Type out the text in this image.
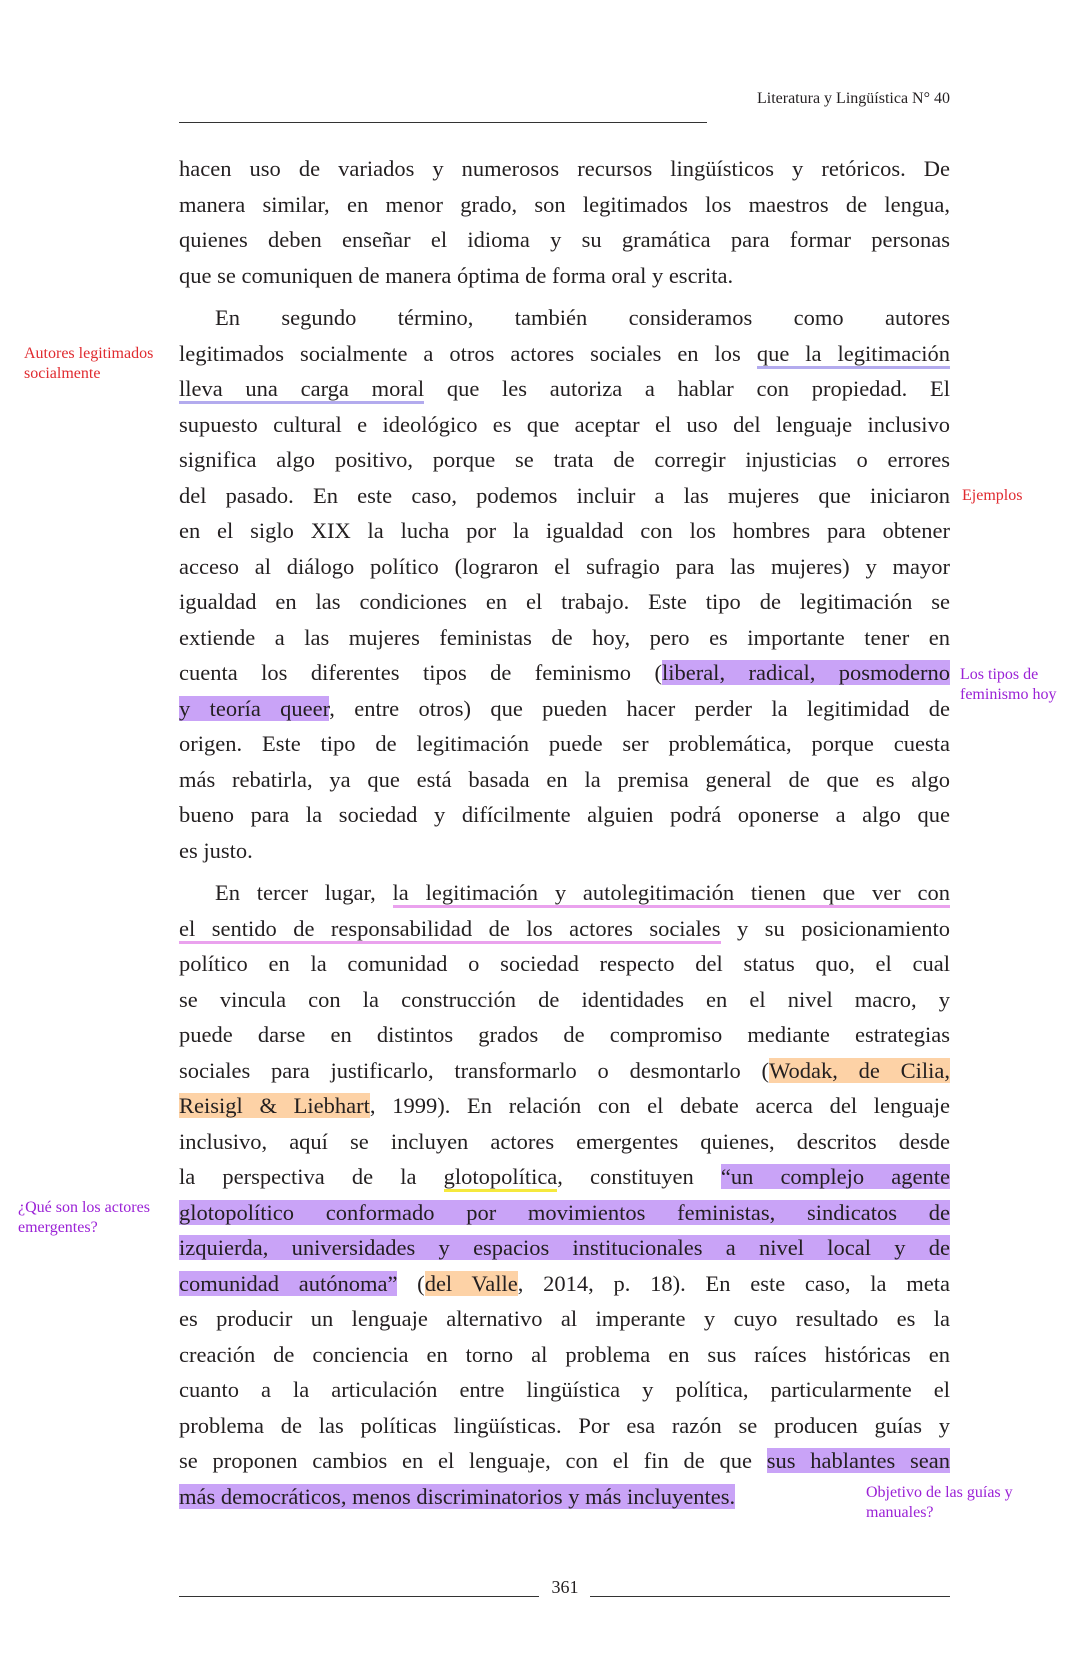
Literatura y Lingüística N° 40
hacen uso de variados y numerosos recursos lingüísticos y retóricos. De
manera similar, en menor grado, son legitimados los maestros de lengua,
quienes deben enseñar el idioma y su gramática para formar personas
que se comuniquen de manera óptima de forma oral y escrita.
En segundo término, también consideramos como autores
legitimados socialmente a otros actores sociales en los que la legitimación
lleva una carga moral que les autoriza a hablar con propiedad. El
supuesto cultural e ideológico es que aceptar el uso del lenguaje inclusivo
significa algo positivo, porque se trata de corregir injusticias o errores
del pasado. En este caso, podemos incluir a las mujeres que iniciaron
en el siglo XIX la lucha por la igualdad con los hombres para obtener
acceso al diálogo político (lograron el sufragio para las mujeres) y mayor
igualdad en las condiciones en el trabajo. Este tipo de legitimación se
extiende a las mujeres feministas de hoy, pero es importante tener en
cuenta los diferentes tipos de feminismo (liberal, radical, posmoderno
y teoría queer, entre otros) que pueden hacer perder la legitimidad de
origen. Este tipo de legitimación puede ser problemática, porque cuesta
más rebatirla, ya que está basada en la premisa general de que es algo
bueno para la sociedad y difícilmente alguien podrá oponerse a algo que
es justo.
En tercer lugar, la legitimación y autolegitimación tienen que ver con
el sentido de responsabilidad de los actores sociales y su posicionamiento
político en la comunidad o sociedad respecto del status quo, el cual
se vincula con la construcción de identidades en el nivel macro, y
puede darse en distintos grados de compromiso mediante estrategias
sociales para justificarlo, transformarlo o desmontarlo (Wodak, de Cilia,
Reisigl & Liebhart, 1999). En relación con el debate acerca del lenguaje
inclusivo, aquí se incluyen actores emergentes quienes, descritos desde
la perspectiva de la glotopolítica, constituyen “un complejo agente
glotopolítico conformado por movimientos feministas, sindicatos de
izquierda, universidades y espacios institucionales a nivel local y de
comunidad autónoma” (del Valle, 2014, p. 18). En este caso, la meta
es producir un lenguaje alternativo al imperante y cuyo resultado es la
creación de conciencia en torno al problema en sus raíces históricas en
cuanto a la articulación entre lingüística y política, particularmente el
problema de las políticas lingüísticas. Por esa razón se producen guías y
se proponen cambios en el lenguaje, con el fin de que sus hablantes sean
más democráticos, menos discriminatorios y más incluyentes.
Autores legitimados socialmente
Ejemplos
Los tipos de feminismo hoy
¿Qué son los actores emergentes?
Objetivo de las guías y manuales?
361
